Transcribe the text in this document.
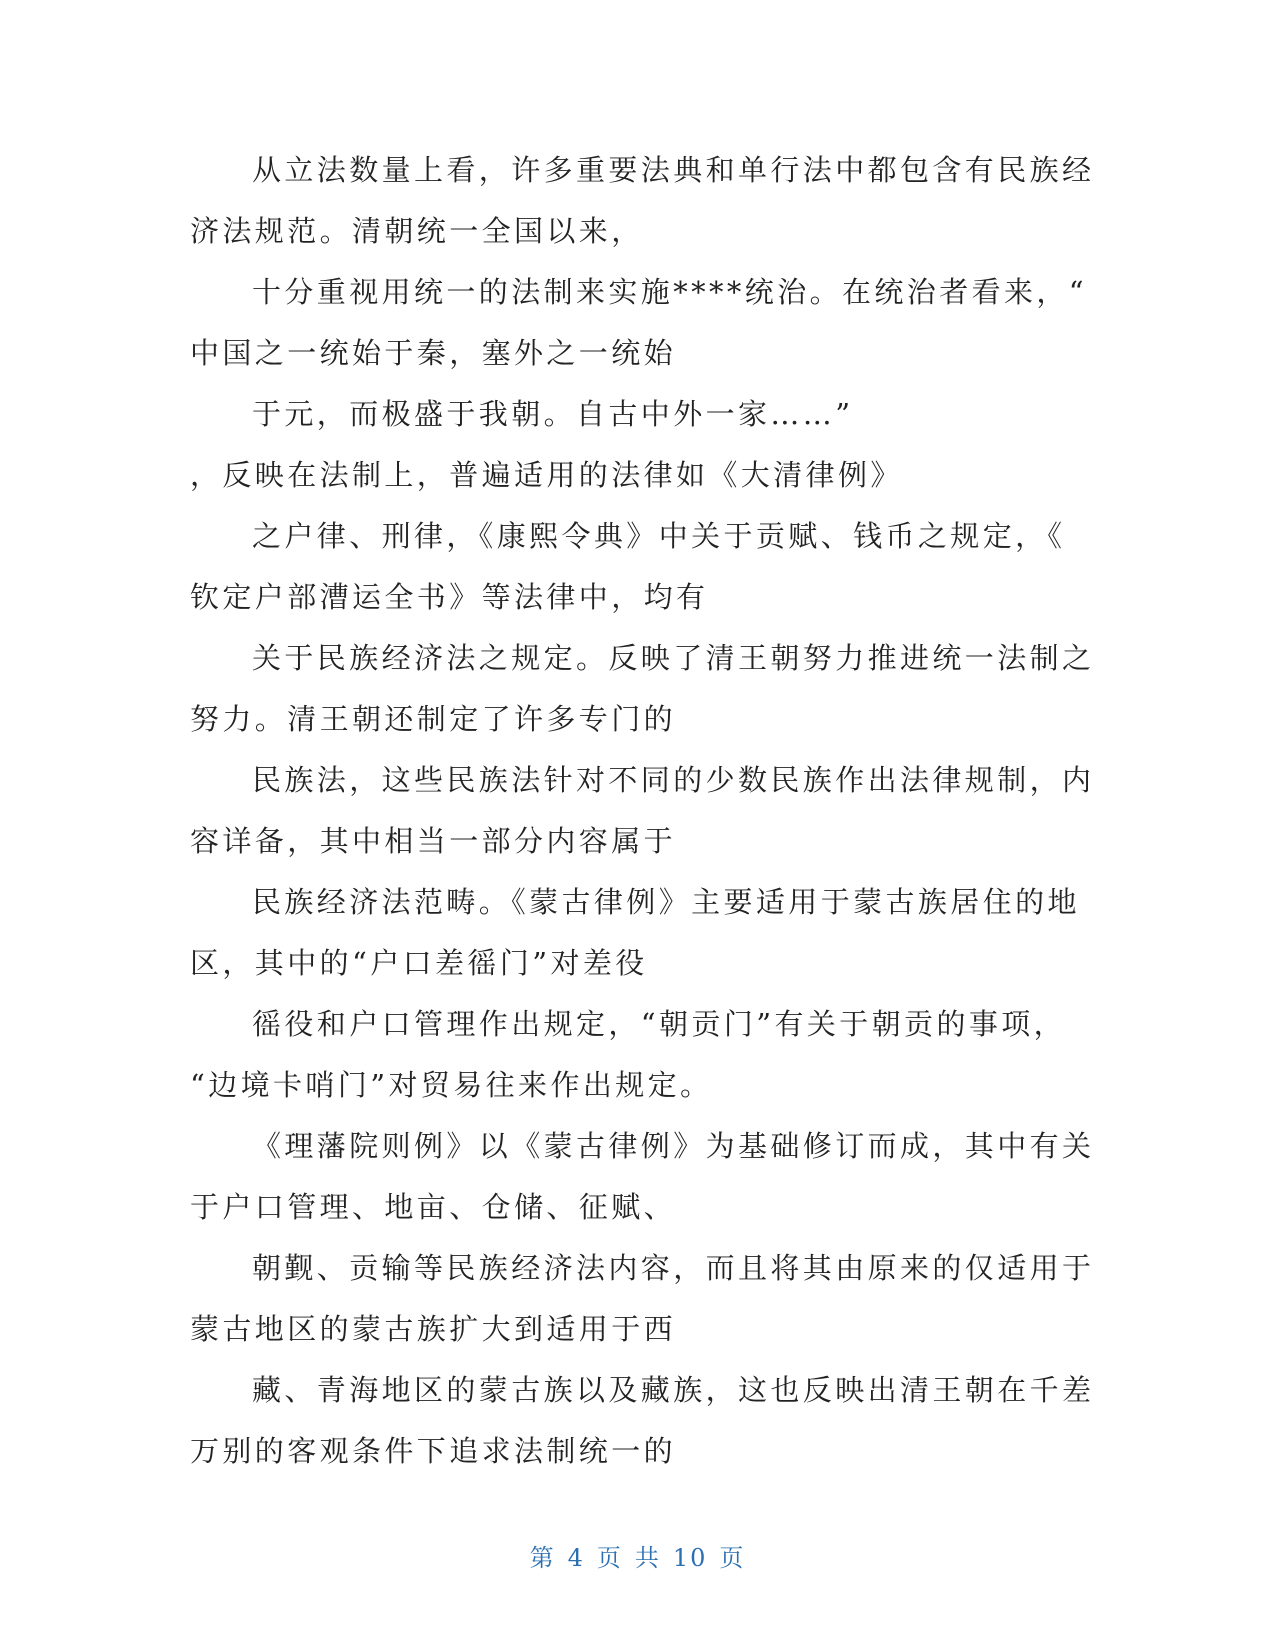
从立法数量上看，许多重要法典和单行法中都包含有民族经
济法规范。清朝统一全国以来，
十分重视用统一的法制来实施****统治。在统治者看来，“
中国之一统始于秦，塞外之一统始
于元，而极盛于我朝。自古中外一家……”
，反映在法制上，普遍适用的法律如《大清律例》
之户律、刑律，《康熙令典》中关于贡赋、钱币之规定，《
钦定户部漕运全书》等法律中，均有
关于民族经济法之规定。反映了清王朝努力推进统一法制之
努力。清王朝还制定了许多专门的
民族法，这些民族法针对不同的少数民族作出法律规制，内
容详备，其中相当一部分内容属于
民族经济法范畴。《蒙古律例》主要适用于蒙古族居住的地
区，其中的“户口差徭门”对差役
徭役和户口管理作出规定，“朝贡门”有关于朝贡的事项，
“边境卡哨门”对贸易往来作出规定。
《理藩院则例》以《蒙古律例》为基础修订而成，其中有关
于户口管理、地亩、仓储、征赋、
朝觐、贡输等民族经济法内容，而且将其由原来的仅适用于
蒙古地区的蒙古族扩大到适用于西
藏、青海地区的蒙古族以及藏族，这也反映出清王朝在千差
万别的客观条件下追求法制统一的
第 4 页 共 10 页
